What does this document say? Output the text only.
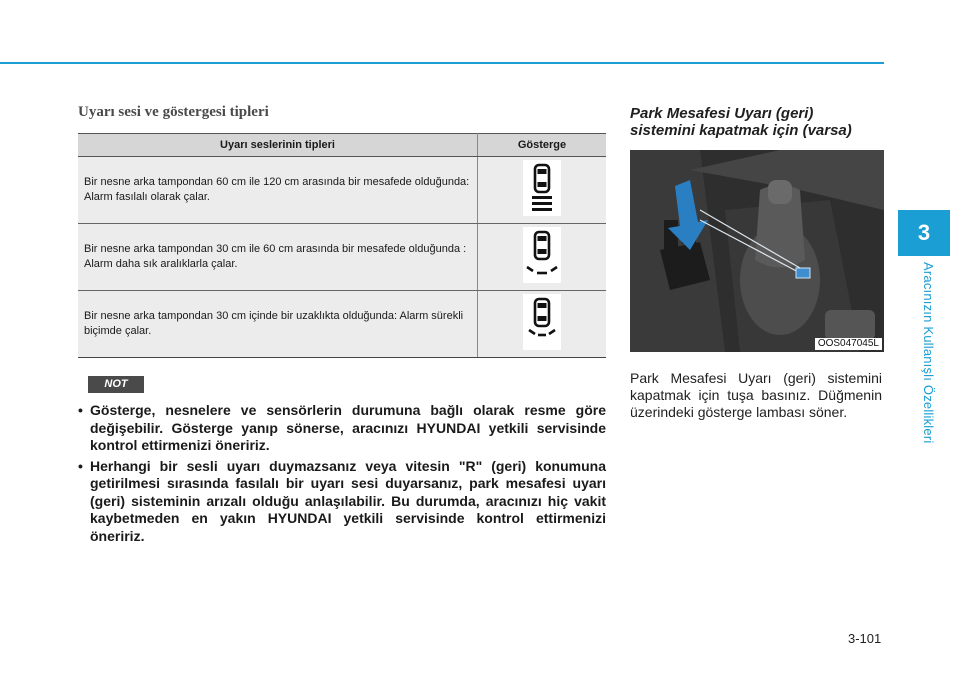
3
Aracınızın Kullanışlı Özellikleri
Uyarı sesi ve göstergesi tipleri
Uyarı seslerinin tipleri	Gösterge
Bir nesne arka tampondan 60 cm ile 120 cm arasında bir mesafede olduğunda: Alarm fasılalı olarak çalar.	
Bir nesne arka tampondan 30 cm ile 60 cm arasında bir mesafede olduğunda : Alarm daha sık aralıklarla çalar.	
Bir nesne arka tampondan 30 cm içinde bir uzaklıkta olduğunda: Alarm sürekli biçimde çalar.	
NOT
• Gösterge, nesnelere ve sensörlerin durumuna bağlı olarak resme göre değişebilir. Gösterge yanıp sönerse, aracınızı HYUNDAI yetkili servisinde kontrol ettirmenizi öneririz.
• Herhangi bir sesli uyarı duymazsanız veya vitesin "R" (geri) konumuna getirilmesi sırasında fasılalı bir uyarı sesi duyarsanız, park mesafesi uyarı (geri) sisteminin arızalı olduğu anlaşılabilir. Bu durumda, aracınızı hiç vakit kaybetmeden en yakın HYUNDAI yetkili servisinde kontrol ettirmenizi öneririz.
Park Mesafesi Uyarı (geri)
sistemini kapatmak için (varsa)
OOS047045L
Park Mesafesi Uyarı (geri) sistemini kapatmak için tuşa basınız. Düğmenin üzerindeki gösterge lambası söner.
3-101
